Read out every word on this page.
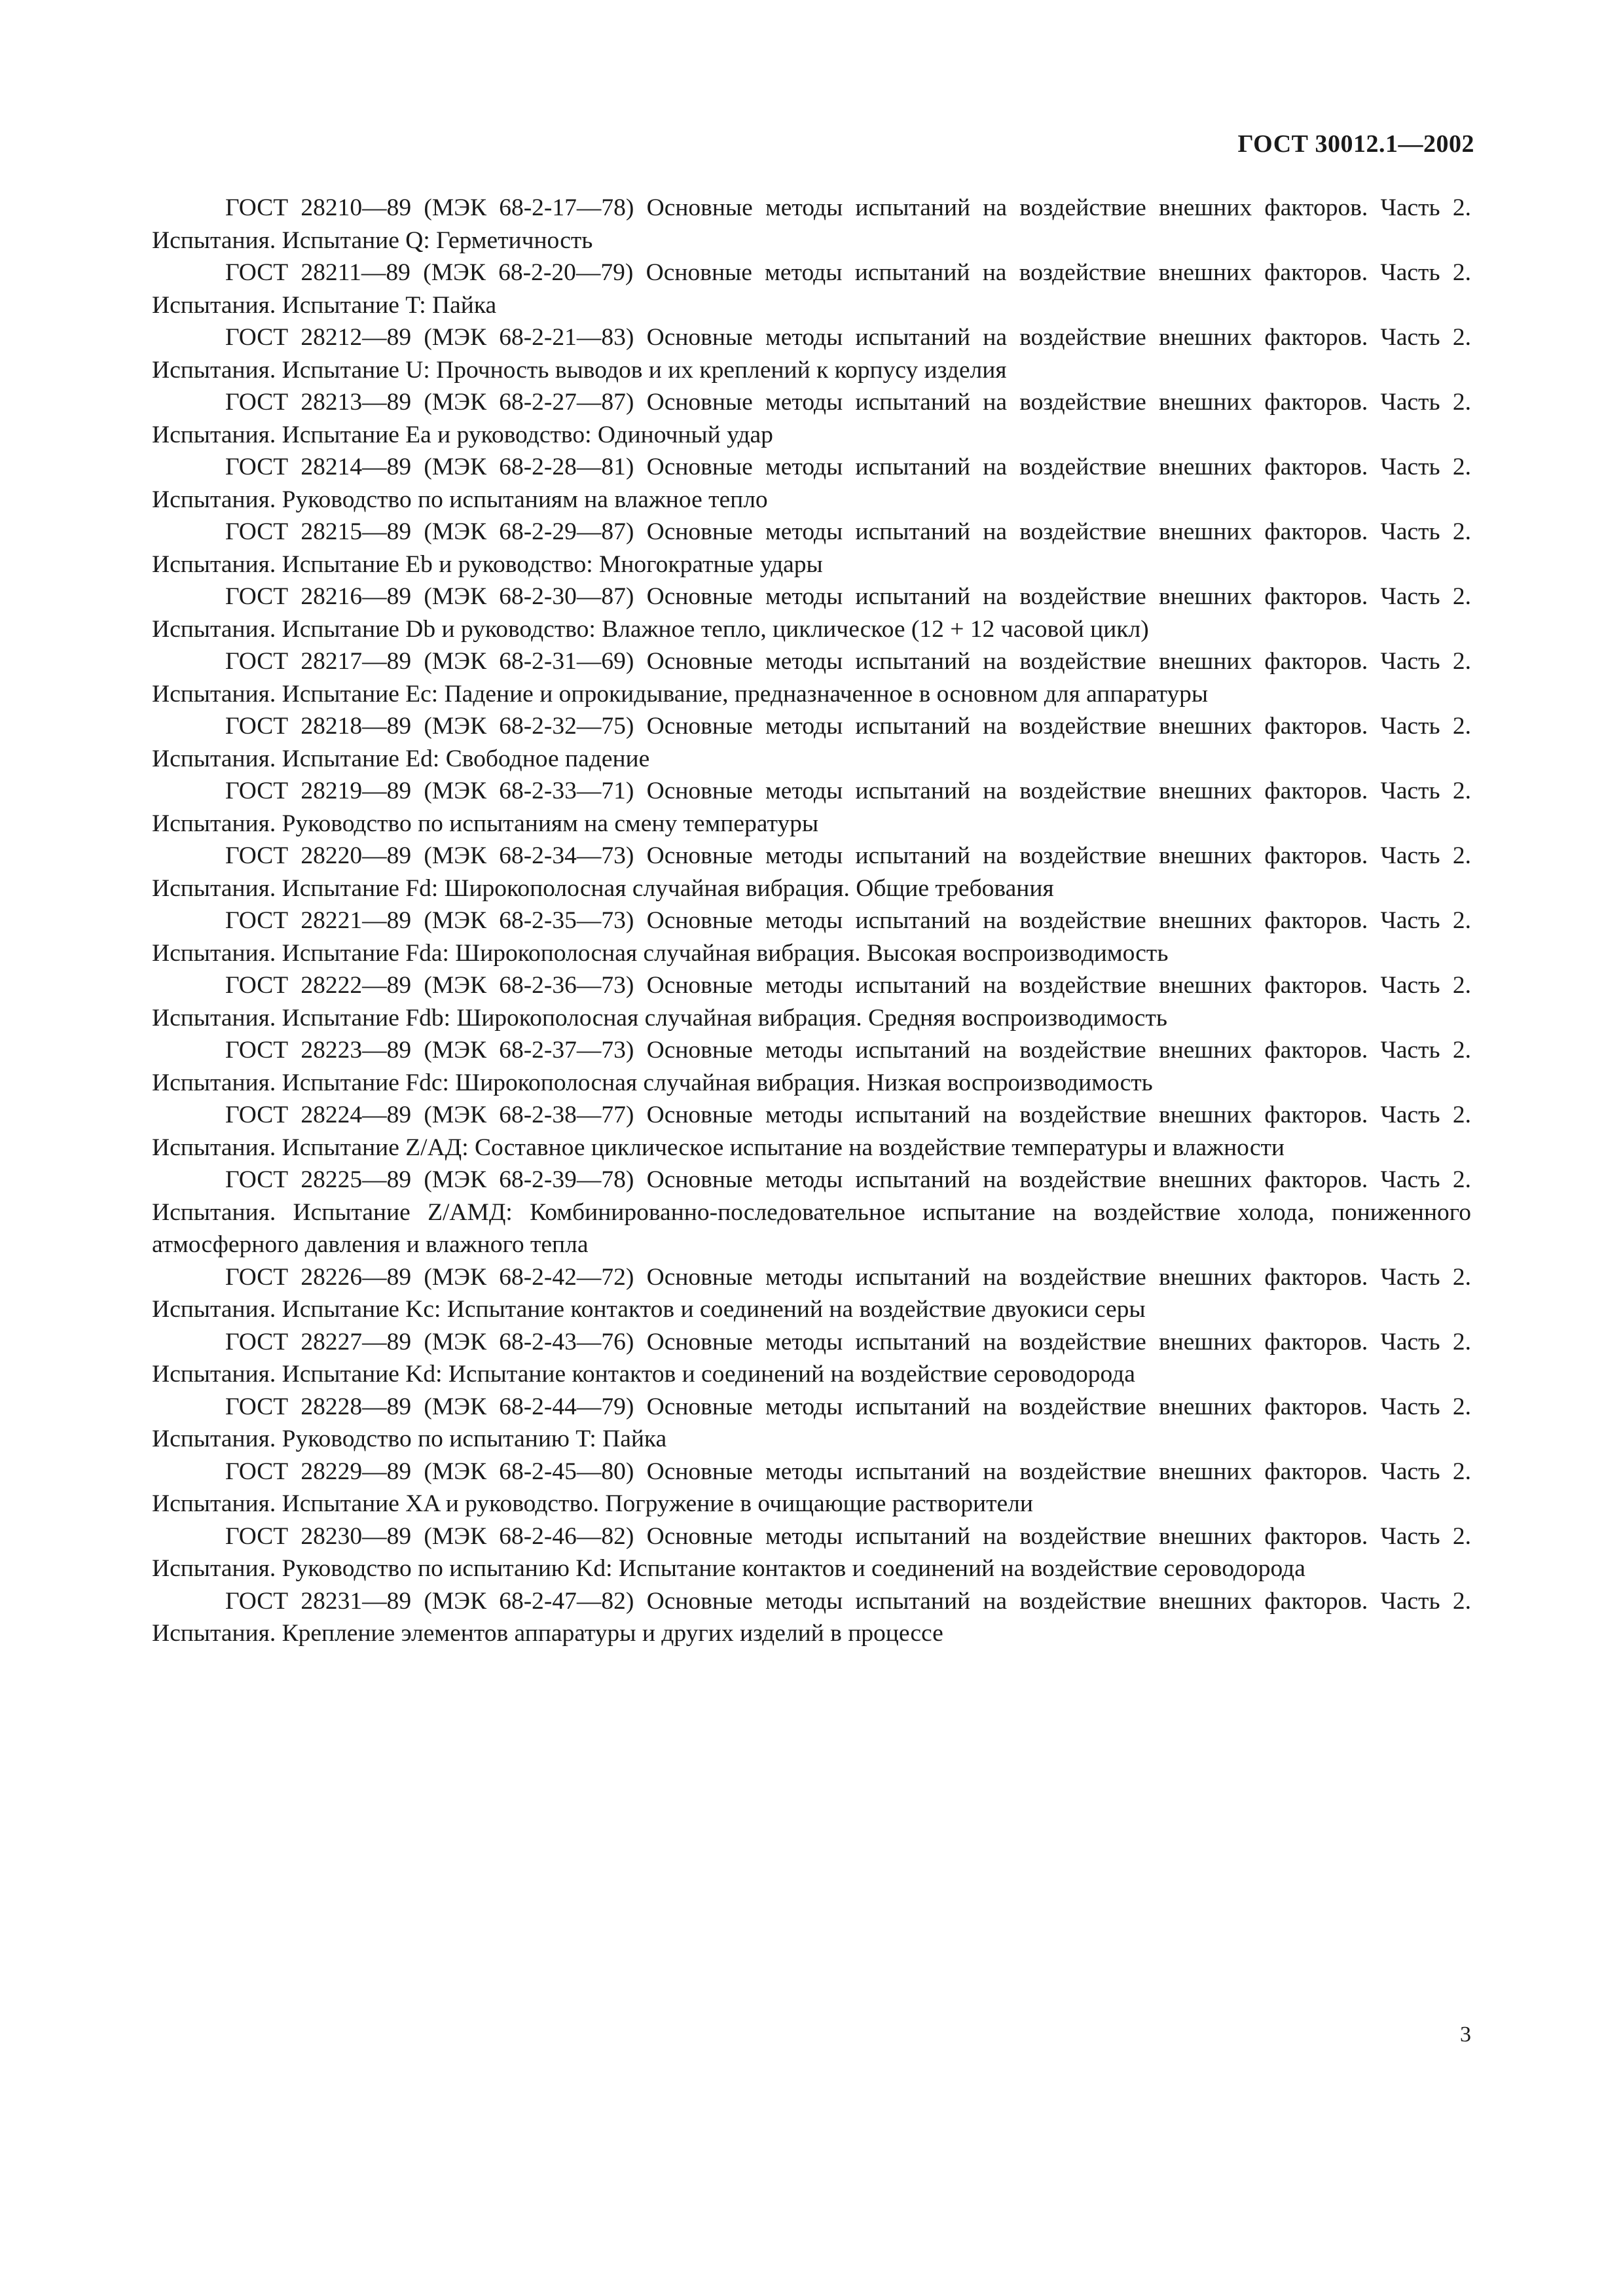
ГОСТ 30012.1—2002

ГОСТ 28210—89 (МЭК 68-2-17—78) Основные методы испытаний на воздействие внешних факторов. Часть 2. Испытания. Испытание Q: Герметичность

ГОСТ 28211—89 (МЭК 68-2-20—79) Основные методы испытаний на воздействие внешних факторов. Часть 2. Испытания. Испытание T: Пайка

ГОСТ 28212—89 (МЭК 68-2-21—83) Основные методы испытаний на воздействие внешних факторов. Часть 2. Испытания. Испытание U: Прочность выводов и их креплений к корпусу изделия

ГОСТ 28213—89 (МЭК 68-2-27—87) Основные методы испытаний на воздействие внешних факторов. Часть 2. Испытания. Испытание Ea и руководство: Одиночный удар

ГОСТ 28214—89 (МЭК 68-2-28—81) Основные методы испытаний на воздействие внешних факторов. Часть 2. Испытания. Руководство по испытаниям на влажное тепло

ГОСТ 28215—89 (МЭК 68-2-29—87) Основные методы испытаний на воздействие внешних факторов. Часть 2. Испытания. Испытание Eb и руководство: Многократные удары

ГОСТ 28216—89 (МЭК 68-2-30—87) Основные методы испытаний на воздействие внешних факторов. Часть 2. Испытания. Испытание Db и руководство: Влажное тепло, циклическое (12 + 12 часовой цикл)

ГОСТ 28217—89 (МЭК 68-2-31—69) Основные методы испытаний на воздействие внешних факторов. Часть 2. Испытания. Испытание Ec: Падение и опрокидывание, предназначенное в основном для аппаратуры

ГОСТ 28218—89 (МЭК 68-2-32—75) Основные методы испытаний на воздействие внешних факторов. Часть 2. Испытания. Испытание Ed: Свободное падение

ГОСТ 28219—89 (МЭК 68-2-33—71) Основные методы испытаний на воздействие внешних факторов. Часть 2. Испытания. Руководство по испытаниям на смену температуры

ГОСТ 28220—89 (МЭК 68-2-34—73) Основные методы испытаний на воздействие внешних факторов. Часть 2. Испытания. Испытание Fd: Широкополосная случайная вибрация. Общие требования

ГОСТ 28221—89 (МЭК 68-2-35—73) Основные методы испытаний на воздействие внешних факторов. Часть 2. Испытания. Испытание Fda: Широкополосная случайная вибрация. Высокая воспроизводимость

ГОСТ 28222—89 (МЭК 68-2-36—73) Основные методы испытаний на воздействие внешних факторов. Часть 2. Испытания. Испытание Fdb: Широкополосная случайная вибрация. Средняя воспроизводимость

ГОСТ 28223—89 (МЭК 68-2-37—73) Основные методы испытаний на воздействие внешних факторов. Часть 2. Испытания. Испытание Fdc: Широкополосная случайная вибрация. Низкая воспроизводимость

ГОСТ 28224—89 (МЭК 68-2-38—77) Основные методы испытаний на воздействие внешних факторов. Часть 2. Испытания. Испытание Z/AД: Составное циклическое испытание на воздействие температуры и влажности

ГОСТ 28225—89 (МЭК 68-2-39—78) Основные методы испытаний на воздействие внешних факторов. Часть 2. Испытания. Испытание Z/AМД: Комбинированно-последовательное испытание на воздействие холода, пониженного атмосферного давления и влажного тепла

ГОСТ 28226—89 (МЭК 68-2-42—72) Основные методы испытаний на воздействие внешних факторов. Часть 2. Испытания. Испытание Kc: Испытание контактов и соединений на воздействие двуокиси серы

ГОСТ 28227—89 (МЭК 68-2-43—76) Основные методы испытаний на воздействие внешних факторов. Часть 2. Испытания. Испытание Kd: Испытание контактов и соединений на воздействие сероводорода

ГОСТ 28228—89 (МЭК 68-2-44—79) Основные методы испытаний на воздействие внешних факторов. Часть 2. Испытания. Руководство по испытанию T: Пайка

ГОСТ 28229—89 (МЭК 68-2-45—80) Основные методы испытаний на воздействие внешних факторов. Часть 2. Испытания. Испытание XA и руководство. Погружение в очищающие растворители

ГОСТ 28230—89 (МЭК 68-2-46—82) Основные методы испытаний на воздействие внешних факторов. Часть 2. Испытания. Руководство по испытанию Kd: Испытание контактов и соединений на воздействие сероводорода

ГОСТ 28231—89 (МЭК 68-2-47—82) Основные методы испытаний на воздействие внешних факторов. Часть 2. Испытания. Крепление элементов аппаратуры и других изделий в процессе

3
